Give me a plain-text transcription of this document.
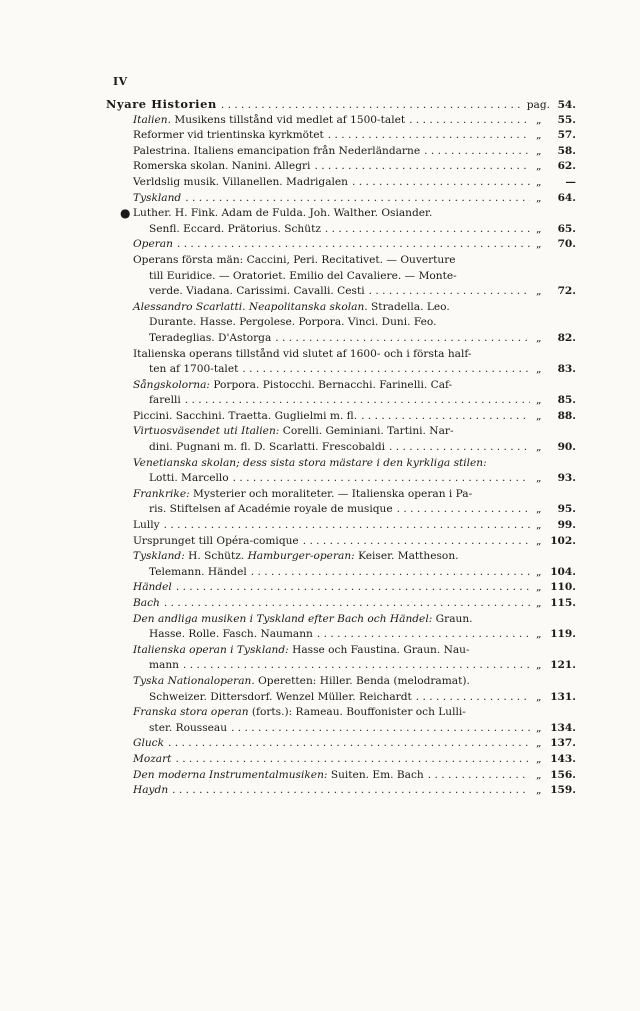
IV
Nyare Historien . . .	pag. 54.
Italien. Musikens tillstånd vid medlet af 1500-talet . . .	„	55.
Reformer vid trientinska kyrkmötet . . .	„	57.
Palestrina. Italiens emancipation från Nederländarne . . .	„	58.
Romerska skolan. Nanini. Allegri . . .	„	62.
Verldslig musik. Villanellen. Madrigalen . . .	„	—
Tyskland . . .	„	64.
● Luther. H. Fink. Adam de Fulda. Joh. Walther. Osiander.
Senfl. Eccard. Prätorius. Schütz . . .	„	65.
Operan . . .	„	70.
Operans första män: Caccini, Peri. Recitativet. — Ouverture
till Euridice. — Oratoriet. Emilio del Cavaliere. — Monte-
verde. Viadana. Carissimi. Cavalli. Cesti . . .	„	72.
Alessandro Scarlatti. Neapolitanska skolan. Stradella. Leo.
Durante. Hasse. Pergolese. Porpora. Vinci. Duni. Feo.
Teradeglias. D'Astorga . . .	„	82.
Italienska operans tillstånd vid slutet af 1600- och i första half-
ten af 1700-talet . . .	„	83.
Sångskolorna: Porpora. Pistocchi. Bernacchi. Farinelli. Caf-
farelli . . .	„	85.
Piccini. Sacchini. Traetta. Guglielmi m. fl. . . .	„	88.
Virtuosväsendet uti Italien: Corelli. Geminiani. Tartini. Nar-
dini. Pugnani m. fl. D. Scarlatti. Frescobaldi . . .	„	90.
Venetianska skolan; dess sista stora mästare i den kyrkliga stilen:
Lotti. Marcello . . .	„	93.
Frankrike: Mysterier och moraliteter. — Italienska operan i Pa-
ris. Stiftelsen af Académie royale de musique . . .	„	95.
Lully . . .	„	99.
Ursprunget till Opéra-comique . . .	„ 102.
Tyskland: H. Schütz. Hamburger-operan: Keiser. Mattheson.
Telemann. Händel . . .	„ 104.
Händel . . .	„ 110.
Bach . . .	„ 115.
Den andliga musiken i Tyskland efter Bach och Händel: Graun.
Hasse. Rolle. Fasch. Naumann . . .	„ 119.
Italienska operan i Tyskland: Hasse och Faustina. Graun. Nau-
mann . . .	„ 121.
Tyska Nationaloperan. Operetten: Hiller. Benda (melodramat).
Schweizer. Dittersdorf. Wenzel Müller. Reichardt . . .	„ 131.
Franska stora operan (forts.): Rameau. Bouffonister och Lulli-
ster. Rousseau . . .	„ 134.
Gluck . . .	„ 137.
Mozart . . .	„ 143.
Den moderna Instrumentalmusiken: Suiten. Em. Bach . . .	„ 156.
Haydn . . .	„ 159.
